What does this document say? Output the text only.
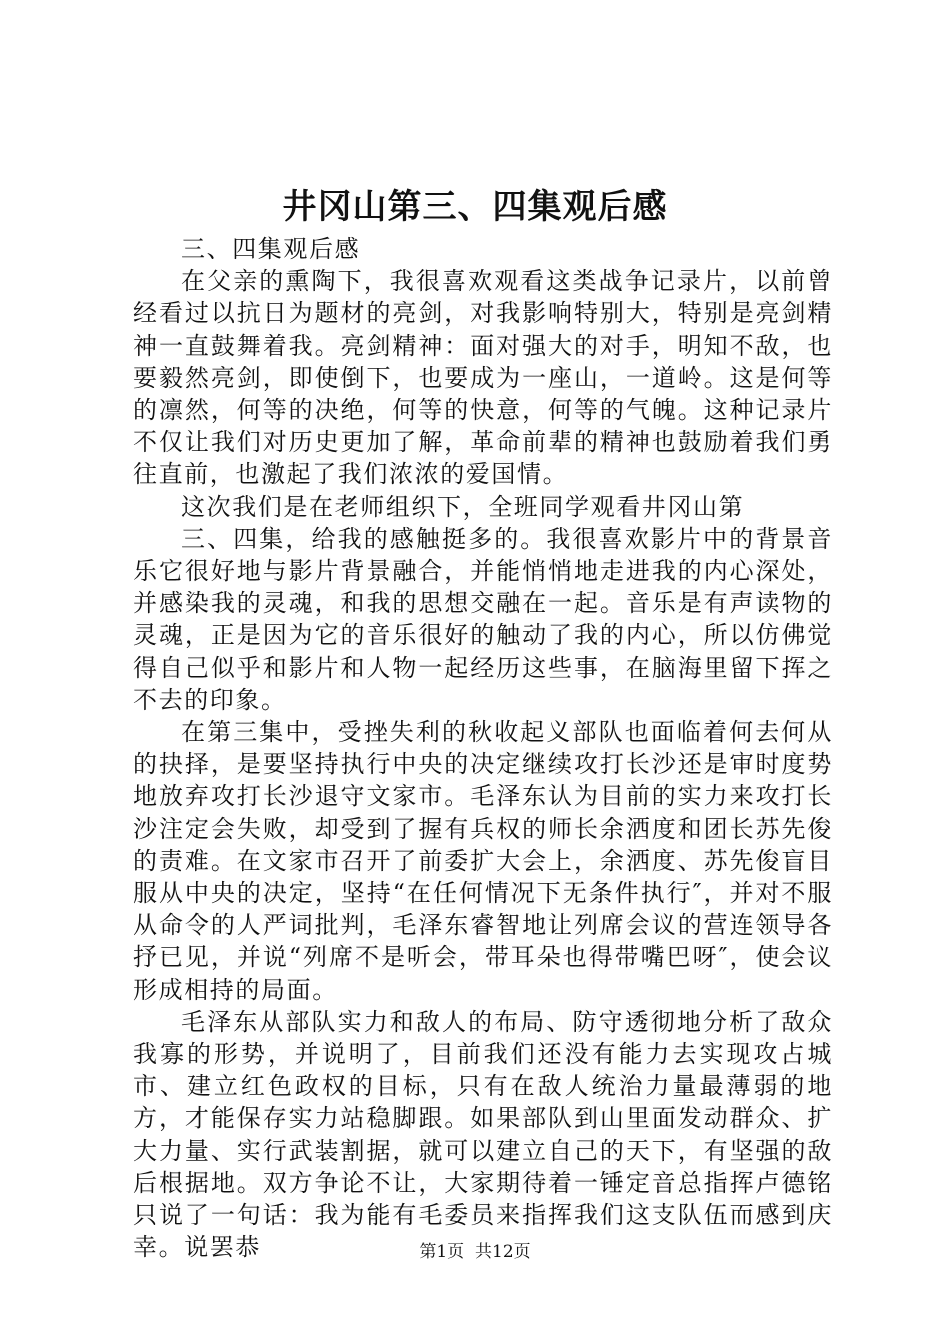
井冈山第三、四集观后感

三、四集观后感

在父亲的熏陶下，我很喜欢观看这类战争记录片，以前曾经看过以抗日为题材的亮剑，对我影响特别大，特别是亮剑精神一直鼓舞着我。亮剑精神：面对强大的对手，明知不敌，也要毅然亮剑，即使倒下，也要成为一座山，一道岭。这是何等的凛然，何等的决绝，何等的快意，何等的气魄。这种记录片不仅让我们对历史更加了解，革命前辈的精神也鼓励着我们勇往直前，也激起了我们浓浓的爱国情。

这次我们是在老师组织下，全班同学观看井冈山第

三、四集，给我的感触挺多的。我很喜欢影片中的背景音乐它很好地与影片背景融合，并能悄悄地走进我的内心深处，并感染我的灵魂，和我的思想交融在一起。音乐是有声读物的灵魂，正是因为它的音乐很好的触动了我的内心，所以仿佛觉得自己似乎和影片和人物一起经历这些事，在脑海里留下挥之不去的印象。

在第三集中，受挫失利的秋收起义部队也面临着何去何从的抉择，是要坚持执行中央的决定继续攻打长沙还是审时度势地放弃攻打长沙退守文家市。毛泽东认为目前的实力来攻打长沙注定会失败，却受到了握有兵权的师长余洒度和团长苏先俊的责难。在文家市召开了前委扩大会上，余洒度、苏先俊盲目服从中央的决定，坚持“在任何情况下无条件执行″，并对不服从命令的人严词批判，毛泽东睿智地让列席会议的营连领导各抒已见，并说“列席不是听会，带耳朵也得带嘴巴呀″，使会议形成相持的局面。

毛泽东从部队实力和敌人的布局、防守透彻地分析了敌众我寡的形势，并说明了，目前我们还没有能力去实现攻占城市、建立红色政权的目标，只有在敌人统治力量最薄弱的地方，才能保存实力站稳脚跟。如果部队到山里面发动群众、扩大力量、实行武装割据，就可以建立自己的天下，有坚强的敌后根据地。双方争论不让，大家期待着一锤定音总指挥卢德铭只说了一句话：我为能有毛委员来指挥我们这支队伍而感到庆幸。说罢恭	第1页 共12页
